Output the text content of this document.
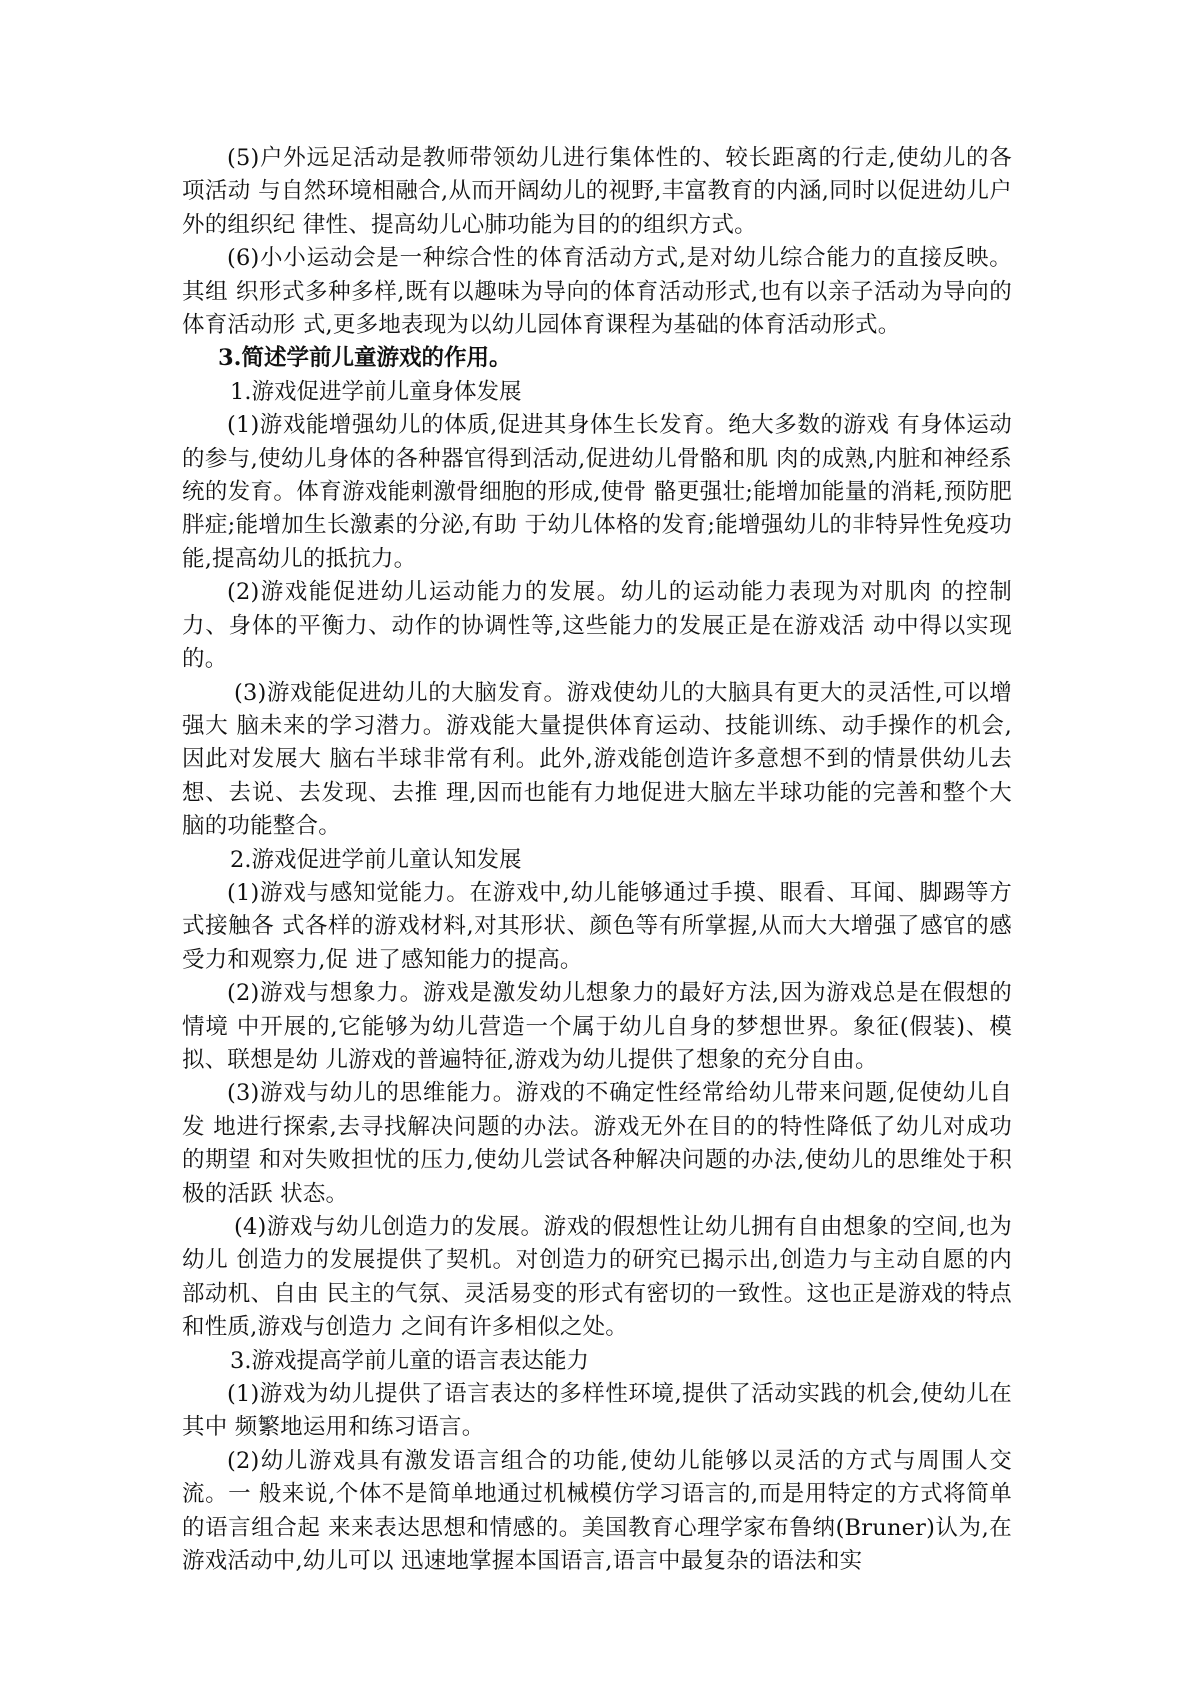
(5)户外远足活动是教师带领幼儿进行集体性的、较长距离的行走,使幼儿的各项活动 与自然环境相融合,从而开阔幼儿的视野,丰富教育的内涵,同时以促进幼儿户外的组织纪 律性、提高幼儿心肺功能为目的的组织方式。

(6)小小运动会是一种综合性的体育活动方式,是对幼儿综合能力的直接反映。其组 织形式多种多样,既有以趣味为导向的体育活动形式,也有以亲子活动为导向的体育活动形 式,更多地表现为以幼儿园体育课程为基础的体育活动形式。

3.简述学前儿童游戏的作用。

1.游戏促进学前儿童身体发展

(1)游戏能增强幼儿的体质,促进其身体生长发育。绝大多数的游戏 有身体运动的参与,使幼儿身体的各种器官得到活动,促进幼儿骨骼和肌 肉的成熟,内脏和神经系统的发育。体育游戏能刺激骨细胞的形成,使骨 骼更强壮;能增加能量的消耗,预防肥胖症;能增加生长激素的分泌,有助 于幼儿体格的发育;能增强幼儿的非特异性免疫功能,提高幼儿的抵抗力。

(2)游戏能促进幼儿运动能力的发展。幼儿的运动能力表现为对肌肉 的控制力、身体的平衡力、动作的协调性等,这些能力的发展正是在游戏活 动中得以实现的。

(3)游戏能促进幼儿的大脑发育。游戏使幼儿的大脑具有更大的灵活性,可以增强大 脑未来的学习潜力。游戏能大量提供体育运动、技能训练、动手操作的机会,因此对发展大 脑右半球非常有利。此外,游戏能创造许多意想不到的情景供幼儿去想、去说、去发现、去推 理,因而也能有力地促进大脑左半球功能的完善和整个大脑的功能整合。

2.游戏促进学前儿童认知发展

(1)游戏与感知觉能力。在游戏中,幼儿能够通过手摸、眼看、耳闻、脚踢等方式接触各 式各样的游戏材料,对其形状、颜色等有所掌握,从而大大增强了感官的感受力和观察力,促 进了感知能力的提高。

(2)游戏与想象力。游戏是激发幼儿想象力的最好方法,因为游戏总是在假想的情境 中开展的,它能够为幼儿营造一个属于幼儿自身的梦想世界。象征(假装)、模拟、联想是幼 儿游戏的普遍特征,游戏为幼儿提供了想象的充分自由。

(3)游戏与幼儿的思维能力。游戏的不确定性经常给幼儿带来问题,促使幼儿自发 地进行探索,去寻找解决问题的办法。游戏无外在目的的特性降低了幼儿对成功的期望 和对失败担忧的压力,使幼儿尝试各种解决问题的办法,使幼儿的思维处于积极的活跃 状态。

(4)游戏与幼儿创造力的发展。游戏的假想性让幼儿拥有自由想象的空间,也为幼儿 创造力的发展提供了契机。对创造力的研究已揭示出,创造力与主动自愿的内部动机、自由 民主的气氛、灵活易变的形式有密切的一致性。这也正是游戏的特点和性质,游戏与创造力 之间有许多相似之处。

3.游戏提高学前儿童的语言表达能力

(1)游戏为幼儿提供了语言表达的多样性环境,提供了活动实践的机会,使幼儿在其中 频繁地运用和练习语言。

(2)幼儿游戏具有激发语言组合的功能,使幼儿能够以灵活的方式与周围人交流。一 般来说,个体不是简单地通过机械模仿学习语言的,而是用特定的方式将简单的语言组合起 来来表达思想和情感的。美国教育心理学家布鲁纳(Bruner)认为,在游戏活动中,幼儿可以 迅速地掌握本国语言,语言中最复杂的语法和实
